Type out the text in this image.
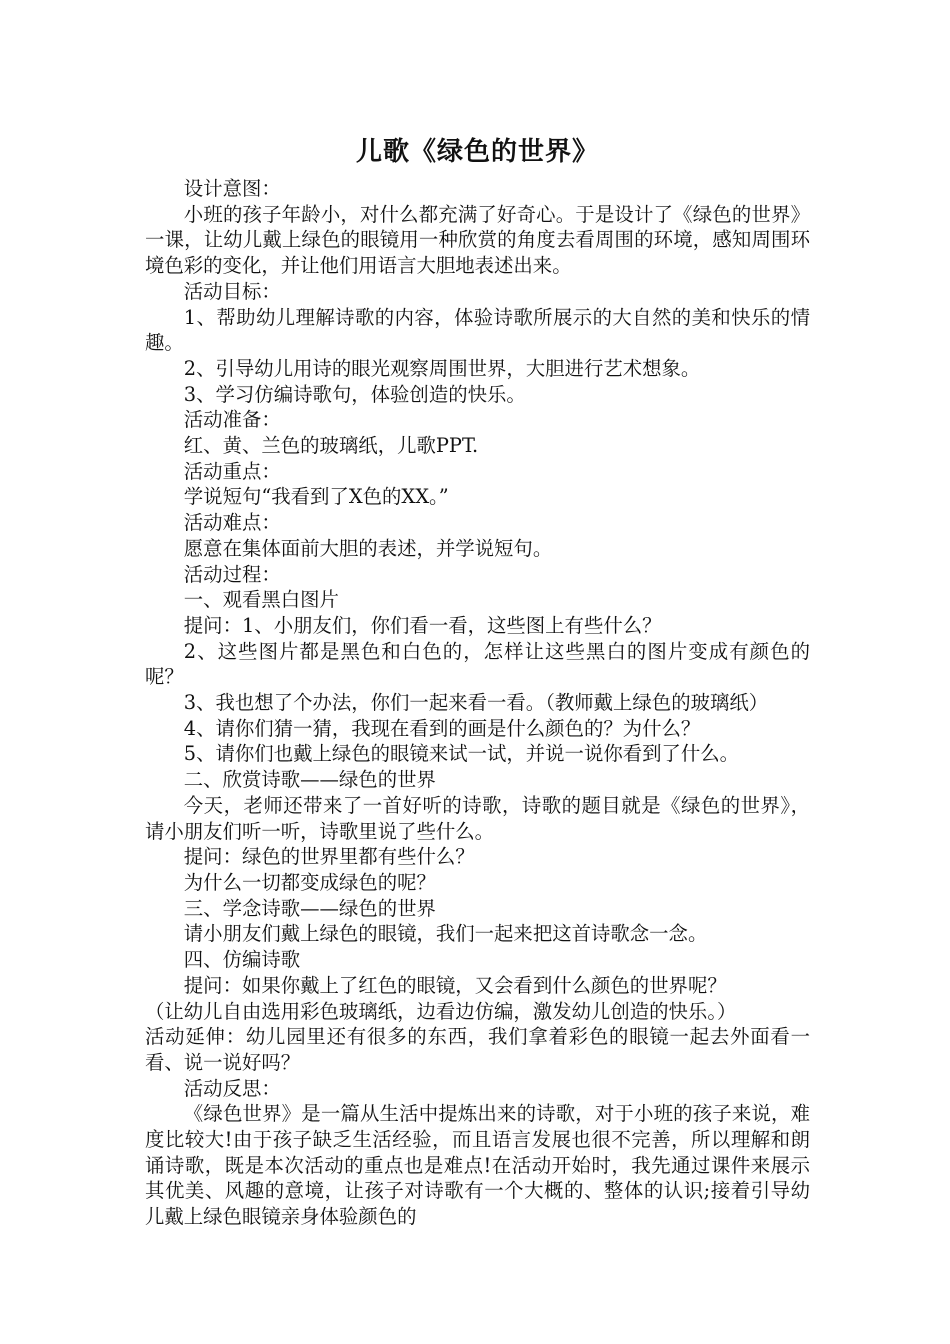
儿歌《绿色的世界》

设计意图：

小班的孩子年龄小，对什么都充满了好奇心。于是设计了《绿色的世界》一课，让幼儿戴上绿色的眼镜用一种欣赏的角度去看周围的环境，感知周围环境色彩的变化，并让他们用语言大胆地表述出来。

活动目标：

1、帮助幼儿理解诗歌的内容，体验诗歌所展示的大自然的美和快乐的情趣。

2、引导幼儿用诗的眼光观察周围世界，大胆进行艺术想象。

3、学习仿编诗歌句，体验创造的快乐。

活动准备：

红、黄、兰色的玻璃纸，儿歌PPT.

活动重点：

学说短句“我看到了X色的XX。”

活动难点：

愿意在集体面前大胆的表述，并学说短句。

活动过程：

一、观看黑白图片

提问：1、小朋友们，你们看一看，这些图上有些什么？

2、这些图片都是黑色和白色的，怎样让这些黑白的图片变成有颜色的呢？

3、我也想了个办法，你们一起来看一看。（教师戴上绿色的玻璃纸）

4、请你们猜一猜，我现在看到的画是什么颜色的？为什么？

5、请你们也戴上绿色的眼镜来试一试，并说一说你看到了什么。

二、欣赏诗歌——绿色的世界

今天，老师还带来了一首好听的诗歌，诗歌的题目就是《绿色的世界》，请小朋友们听一听，诗歌里说了些什么。

提问：绿色的世界里都有些什么？

为什么一切都变成绿色的呢？

三、学念诗歌——绿色的世界

请小朋友们戴上绿色的眼镜，我们一起来把这首诗歌念一念。

四、仿编诗歌

提问：如果你戴上了红色的眼镜，又会看到什么颜色的世界呢？

（让幼儿自由选用彩色玻璃纸，边看边仿编，激发幼儿创造的快乐。）

活动延伸：幼儿园里还有很多的东西，我们拿着彩色的眼镜一起去外面看一看、说一说好吗？

活动反思：

《绿色世界》是一篇从生活中提炼出来的诗歌，对于小班的孩子来说，难度比较大!由于孩子缺乏生活经验，而且语言发展也很不完善，所以理解和朗诵诗歌，既是本次活动的重点也是难点!在活动开始时，我先通过课件来展示其优美、风趣的意境，让孩子对诗歌有一个大概的、整体的认识;接着引导幼儿戴上绿色眼镜亲身体验颜色的
